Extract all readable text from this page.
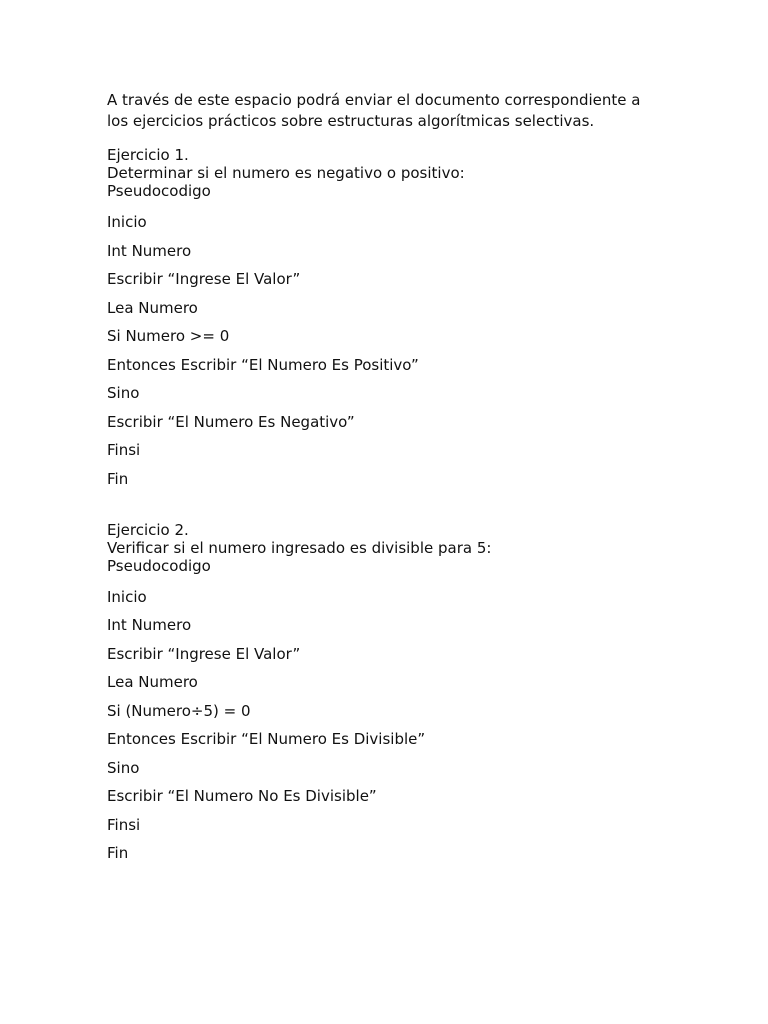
A través de este espacio podrá enviar el documento correspondiente a
los ejercicios prácticos sobre estructuras algorítmicas selectivas.
Ejercicio 1.
Determinar si el numero es negativo o positivo:
Pseudocodigo
Inicio
Int Numero
Escribir “Ingrese El Valor”
Lea Numero
Si Numero >= 0
Entonces Escribir “El Numero Es Positivo”
Sino
Escribir “El Numero Es Negativo”
Finsi
Fin
Ejercicio 2.
Verificar si el numero ingresado es divisible para 5:
Pseudocodigo
Inicio
Int Numero
Escribir “Ingrese El Valor”
Lea Numero
Si (Numero÷5) = 0
Entonces Escribir “El Numero Es Divisible”
Sino
Escribir “El Numero No Es Divisible”
Finsi
Fin
